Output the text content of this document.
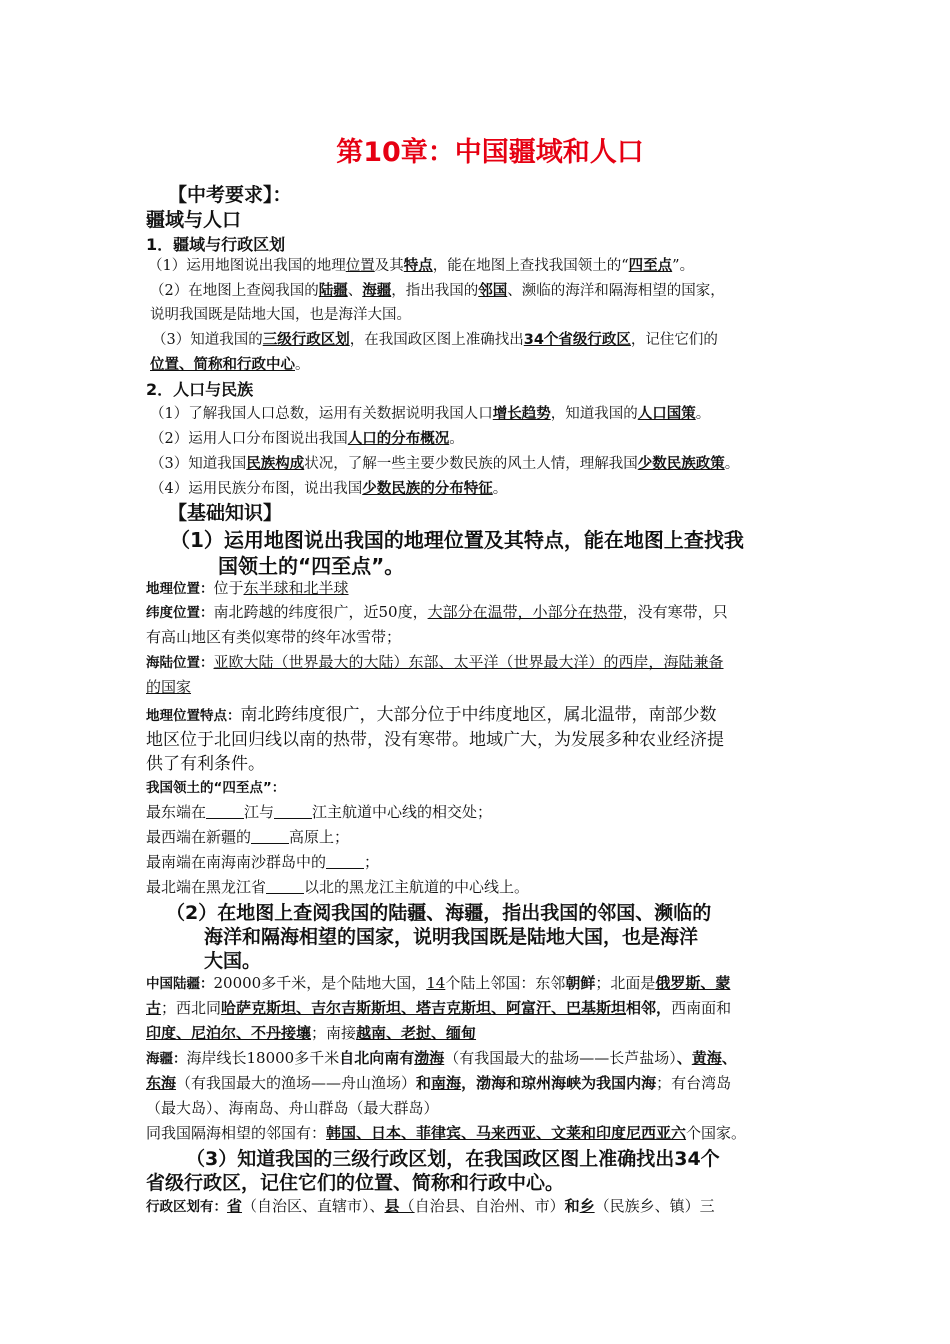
第10章：中国疆域和人口
【中考要求】：
疆域与人口
1．疆域与行政区划
（1）运用地图说出我国的地理位置及其特点，能在地图上查找我国领土的“四至点”。
（2）在地图上查阅我国的陆疆、海疆，指出我国的邻国、濒临的海洋和隔海相望的国家，
说明我国既是陆地大国，也是海洋大国。
（3）知道我国的三级行政区划，在我国政区图上准确找出34个省级行政区，记住它们的
位置、简称和行政中心。
2．人口与民族
（1）了解我国人口总数，运用有关数据说明我国人口增长趋势，知道我国的人口国策。
（2）运用人口分布图说出我国人口的分布概况。
（3）知道我国民族构成状况，了解一些主要少数民族的风土人情，理解我国少数民族政策。
（4）运用民族分布图，说出我国少数民族的分布特征。
【基础知识】
（1）运用地图说出我国的地理位置及其特点，能在地图上查找我
国领土的“四至点”。
地理位置：位于东半球和北半球
纬度位置：南北跨越的纬度很广，近50度，大部分在温带，小部分在热带，没有寒带，只
有高山地区有类似寒带的终年冰雪带；
海陆位置：亚欧大陆（世界最大的大陆）东部、太平洋（世界最大洋）的西岸，海陆兼备
的国家
地理位置特点：南北跨纬度很广，大部分位于中纬度地区，属北温带，南部少数
地区位于北回归线以南的热带，没有寒带。地域广大，为发展多种农业经济提
供了有利条件。
我国领土的“四至点”：
最东端在	江与	江主航道中心线的相交处；
最西端在新疆的	高原上；
最南端在南海南沙群岛中的	；
最北端在黑龙江省	以北的黑龙江主航道的中心线上。
（2）在地图上查阅我国的陆疆、海疆，指出我国的邻国、濒临的
海洋和隔海相望的国家，说明我国既是陆地大国，也是海洋
大国。
中国陆疆：20000多千米，是个陆地大国，14个陆上邻国：东邻朝鲜；北面是俄罗斯、蒙
古；西北同哈萨克斯坦、吉尔吉斯斯坦、塔吉克斯坦、阿富汗、巴基斯坦相邻，西南面和
印度、尼泊尔、不丹接壤；南接越南、老挝、缅甸
海疆：海岸线长18000多千米自北向南有渤海（有我国最大的盐场——长芦盐场）、黄海、
东海（有我国最大的渔场——舟山渔场）和南海，渤海和琼州海峡为我国内海；有台湾岛
（最大岛）、海南岛、舟山群岛（最大群岛）
同我国隔海相望的邻国有：韩国、日本、菲律宾、马来西亚、文莱和印度尼西亚六个国家。
（3）知道我国的三级行政区划，在我国政区图上准确找出34个
省级行政区，记住它们的位置、简称和行政中心。
行政区划有：省（自治区、直辖市）、县（自治县、自治州、市）和乡（民族乡、镇）三
